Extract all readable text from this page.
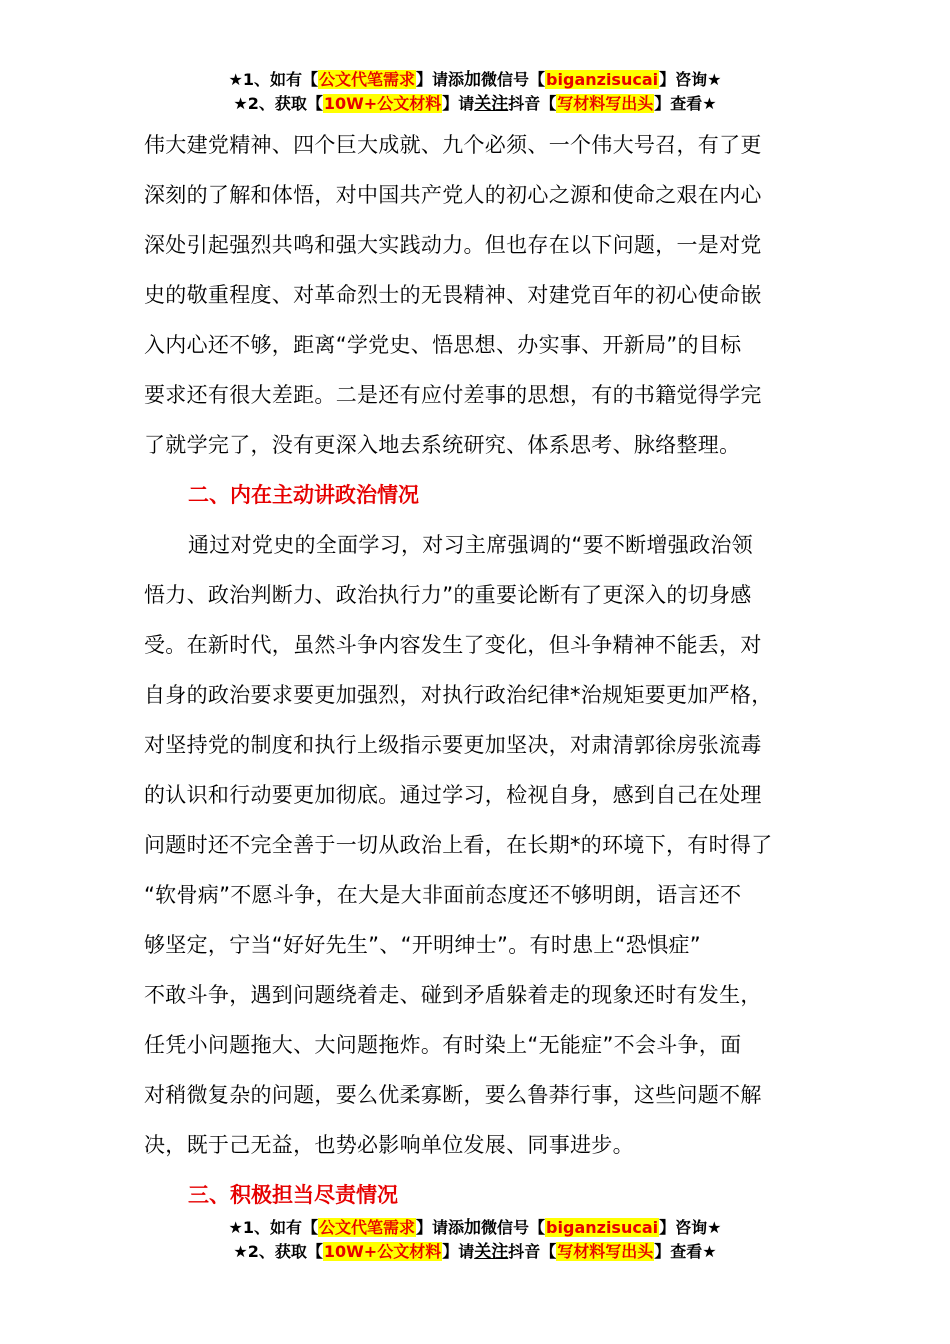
★1、如有【公文代笔需求】请添加微信号【biganzisucai】咨询★
★2、获取【10W+公文材料】请关注抖音【写材料写出头】查看★

伟大建党精神、四个巨大成就、九个必须、一个伟大号召，有了更
深刻的了解和体悟，对中国共产党人的初心之源和使命之艰在内心
深处引起强烈共鸣和强大实践动力。但也存在以下问题，一是对党
史的敬重程度、对革命烈士的无畏精神、对建党百年的初心使命嵌
入内心还不够，距离“学党史、悟思想、办实事、开新局”的目标
要求还有很大差距。二是还有应付差事的思想，有的书籍觉得学完
了就学完了，没有更深入地去系统研究、体系思考、脉络整理。

二、内在主动讲政治情况

通过对党史的全面学习，对习主席强调的“要不断增强政治领
悟力、政治判断力、政治执行力”的重要论断有了更深入的切身感
受。在新时代，虽然斗争内容发生了变化，但斗争精神不能丢，对
自身的政治要求要更加强烈，对执行政治纪律*治规矩要更加严格，
对坚持党的制度和执行上级指示要更加坚决，对肃清郭徐房张流毒
的认识和行动要更加彻底。通过学习，检视自身，感到自己在处理
问题时还不完全善于一切从政治上看，在长期*的环境下，有时得了
“软骨病”不愿斗争，在大是大非面前态度还不够明朗，语言还不
够坚定，宁当“好好先生”、“开明绅士”。有时患上“恐惧症”
不敢斗争，遇到问题绕着走、碰到矛盾躲着走的现象还时有发生，
任凭小问题拖大、大问题拖炸。有时染上“无能症”不会斗争，面
对稍微复杂的问题，要么优柔寡断，要么鲁莽行事，这些问题不解
决，既于己无益，也势必影响单位发展、同事进步。

三、积极担当尽责情况
★1、如有【公文代笔需求】请添加微信号【biganzisucai】咨询★
★2、获取【10W+公文材料】请关注抖音【写材料写出头】查看★
